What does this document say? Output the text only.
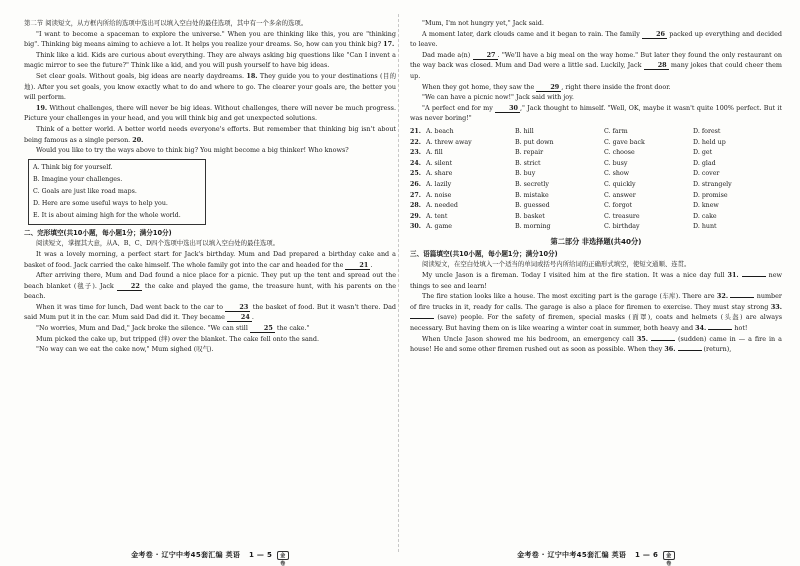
第二节 阅读短文，从方框内所给的选项中选出可以填入空白处的最佳选项，其中有一个多余的选项。

"I want to become a spaceman to explore the universe." When you are thinking like this, you are "thinking big". Thinking big means aiming to achieve a lot. It helps you realize your dreams. So, how can you think big? 17.

Think like a kid. Kids are curious about everything. They are always asking big questions like "Can I invent a magic mirror to see the future?" Think like a kid, and you will push yourself to have big ideas.

Set clear goals. Without goals, big ideas are nearly daydreams. 18. They guide you to your destinations (目的地). After you set goals, you know exactly what to do and where to go. The clearer your goals are, the better you will perform.

19. Without challenges, there will never be big ideas. Without challenges, there will never be much progress. Picture your challenges in your head, and you will think big and get unexpected solutions.

Think of a better world. A better world needs everyone's efforts. But remember that thinking big isn't about being famous as a single person. 20.

Would you like to try the ways above to think big? You might become a big thinker! Who knows?

A. Think big for yourself.

B. Imagine your challenges.

C. Goals are just like road maps.

D. Here are some useful ways to help you.

E. It is about aiming high for the whole world.

二、完形填空(共10小题，每小题1分；满分10分)

阅读短文，掌握其大意，从A、B、C、D四个选项中选出可以填入空白处的最佳选项。

It was a lovely morning, a perfect start for Jack's birthday. Mum and Dad prepared a birthday cake and a basket of food. Jack carried the cake himself. The whole family got into the car and headed for the	21 .

After arriving there, Mum and Dad found a nice place for a picnic. They put up the tent and spread out the beach blanket (毯子). Jack	22 the cake and played the game, the treasure hunt, with his parents on the beach.

When it was time for lunch, Dad went back to the car to	23 the basket of food. But it wasn't there. Dad said Mum put it in the car. Mum said Dad did it. They became	24 .

"No worries, Mum and Dad," Jack broke the silence. "We can still	25 the cake."

Mum picked the cake up, but tripped (绊) over the blanket. The cake fell onto the sand.

"No way can we eat the cake now," Mum sighed (叹气).

金考卷 · 辽宁中考45套汇编 英语 1 — 5 金卷

"Mum, I'm not hungry yet," Jack said.

A moment later, dark clouds came and it began to rain. The family	26 packed up everything and decided to leave.

Dad made a(n)	27 . "We'll have a big meal on the way home." But later they found the only restaurant on the way back was closed. Mum and Dad were a little sad. Luckily, Jack	28 many jokes that could cheer them up.

When they got home, they saw the	29 , right there inside the front door.

"We can have a picnic now!" Jack said with joy.

"A perfect end for my	30 ," Jack thought to himself. "Well, OK, maybe it wasn't quite 100% perfect. But it was never boring!"

21. A. beach	B. hill	C. farm	D. forest
22. A. threw away	B. put down	C. gave back	D. held up
23. A. fill	B. repair	C. choose	D. get
24. A. silent	B. strict	C. busy	D. glad
25. A. share	B. buy	C. show	D. cover
26. A. lazily	B. secretly	C. quickly	D. strangely
27. A. noise	B. mistake	C. answer	D. promise
28. A. needed	B. guessed	C. forgot	D. knew
29. A. tent	B. basket	C. treasure	D. cake
30. A. game	B. morning	C. birthday	D. hunt

第二部分 非选择题(共40分)

三、语篇填空(共10小题，每小题1分；满分10分)

阅读短文，在空白处填入一个适当的单词或括号内所给词的正确形式填空，使短文通顺、连贯。

My uncle Jason is a fireman. Today I visited him at the fire station. It was a nice day full 31.	new things to see and learn!

The fire station looks like a house. The most exciting part is the garage (车库). There are 32.	number of fire trucks in it, ready for calls. The garage is also a place for firemen to exercise. They must stay strong 33.  (save) people. For the safety of firemen, special masks (面罩), coats and helmets (头盔) are always necessary. But having them on is like wearing a winter coat in summer, both heavy and 34.	hot!

When Uncle Jason showed me his bedroom, an emergency call 35.	(sudden) came in — a fire in a house! He and some other firemen rushed out as soon as possible. When they 36.	(return),

金考卷 · 辽宁中考45套汇编 英语 1 — 6 金卷
